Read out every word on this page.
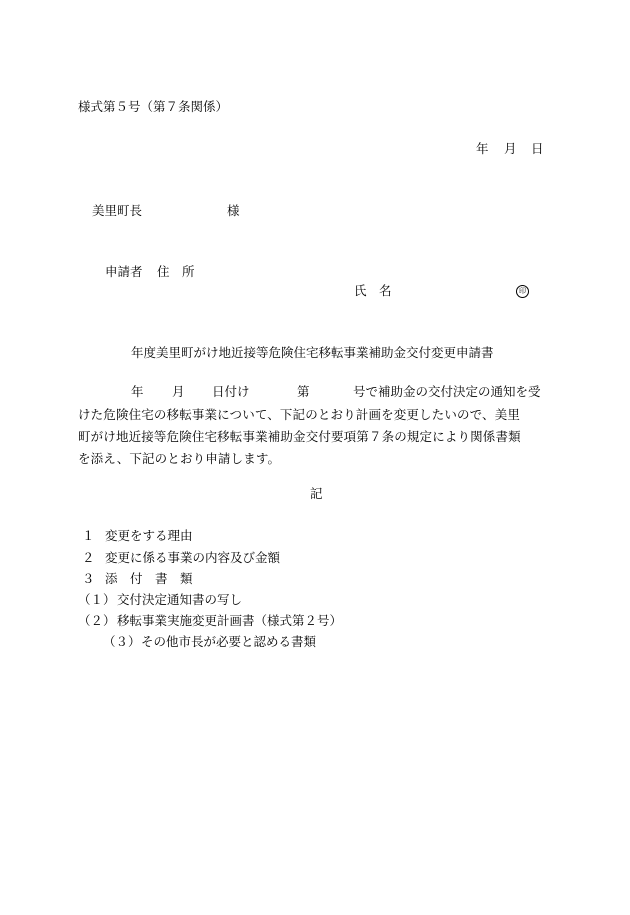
様式第５号（第７条関係）
年 月 日
美里町長	様
申請者 住　所
氏　名	印
年度美里町がけ地近接等危険住宅移転事業補助金交付変更申請書
年 月 日付け	第	号で補助金の交付決定の通知を受
けた危険住宅の移転事業について、下記のとおり計画を変更したいので、美里
町がけ地近接等危険住宅移転事業補助金交付要項第７条の規定により関係書類
を添え、下記のとおり申請します。
記
１ 変更をする理由
２ 変更に係る事業の内容及び金額
３ 添　付　書　類
（１） 交付決定通知書の写し
（２） 移転事業実施変更計画書（様式第２号）
（３） その他市長が必要と認める書類
